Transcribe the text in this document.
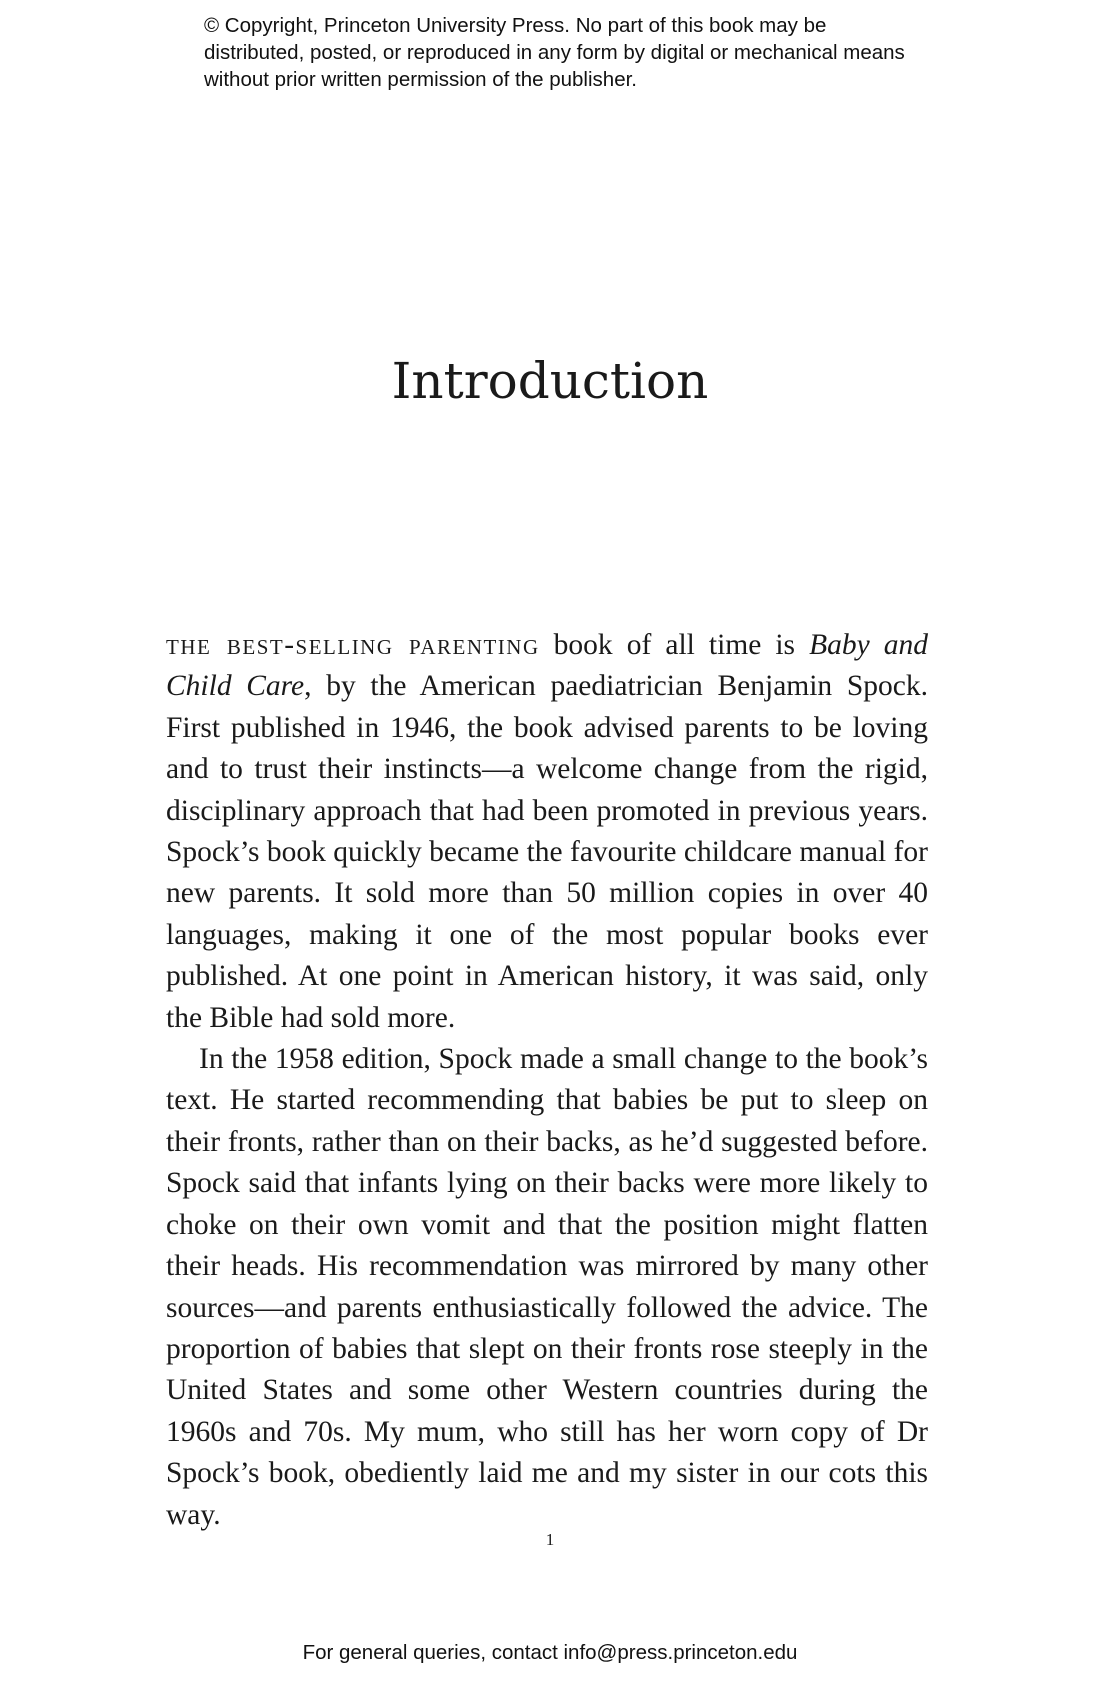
© Copyright, Princeton University Press. No part of this book may be distributed, posted, or reproduced in any form by digital or mechanical means without prior written permission of the publisher.
Introduction

the best-selling parenting book of all time is Baby and Child Care, by the American paediatrician Benjamin Spock. First published in 1946, the book advised parents to be loving and to trust their instincts—a welcome change from the rigid, disciplinary approach that had been promoted in previous years. Spock’s book quickly became the favourite childcare manual for new parents. It sold more than 50 million copies in over 40 languages, making it one of the most popular books ever published. At one point in American history, it was said, only the Bible had sold more.

In the 1958 edition, Spock made a small change to the book’s text. He started recommending that babies be put to sleep on their fronts, rather than on their backs, as he’d suggested before. Spock said that infants lying on their backs were more likely to choke on their own vomit and that the position might flatten their heads. His recommendation was mirrored by many other sources—and parents enthusiastically followed the advice. The proportion of babies that slept on their fronts rose steeply in the United States and some other Western countries during the 1960s and 70s. My mum, who still has her worn copy of Dr Spock’s book, obediently laid me and my sister in our cots this way.

1
For general queries, contact info@press.princeton.edu
